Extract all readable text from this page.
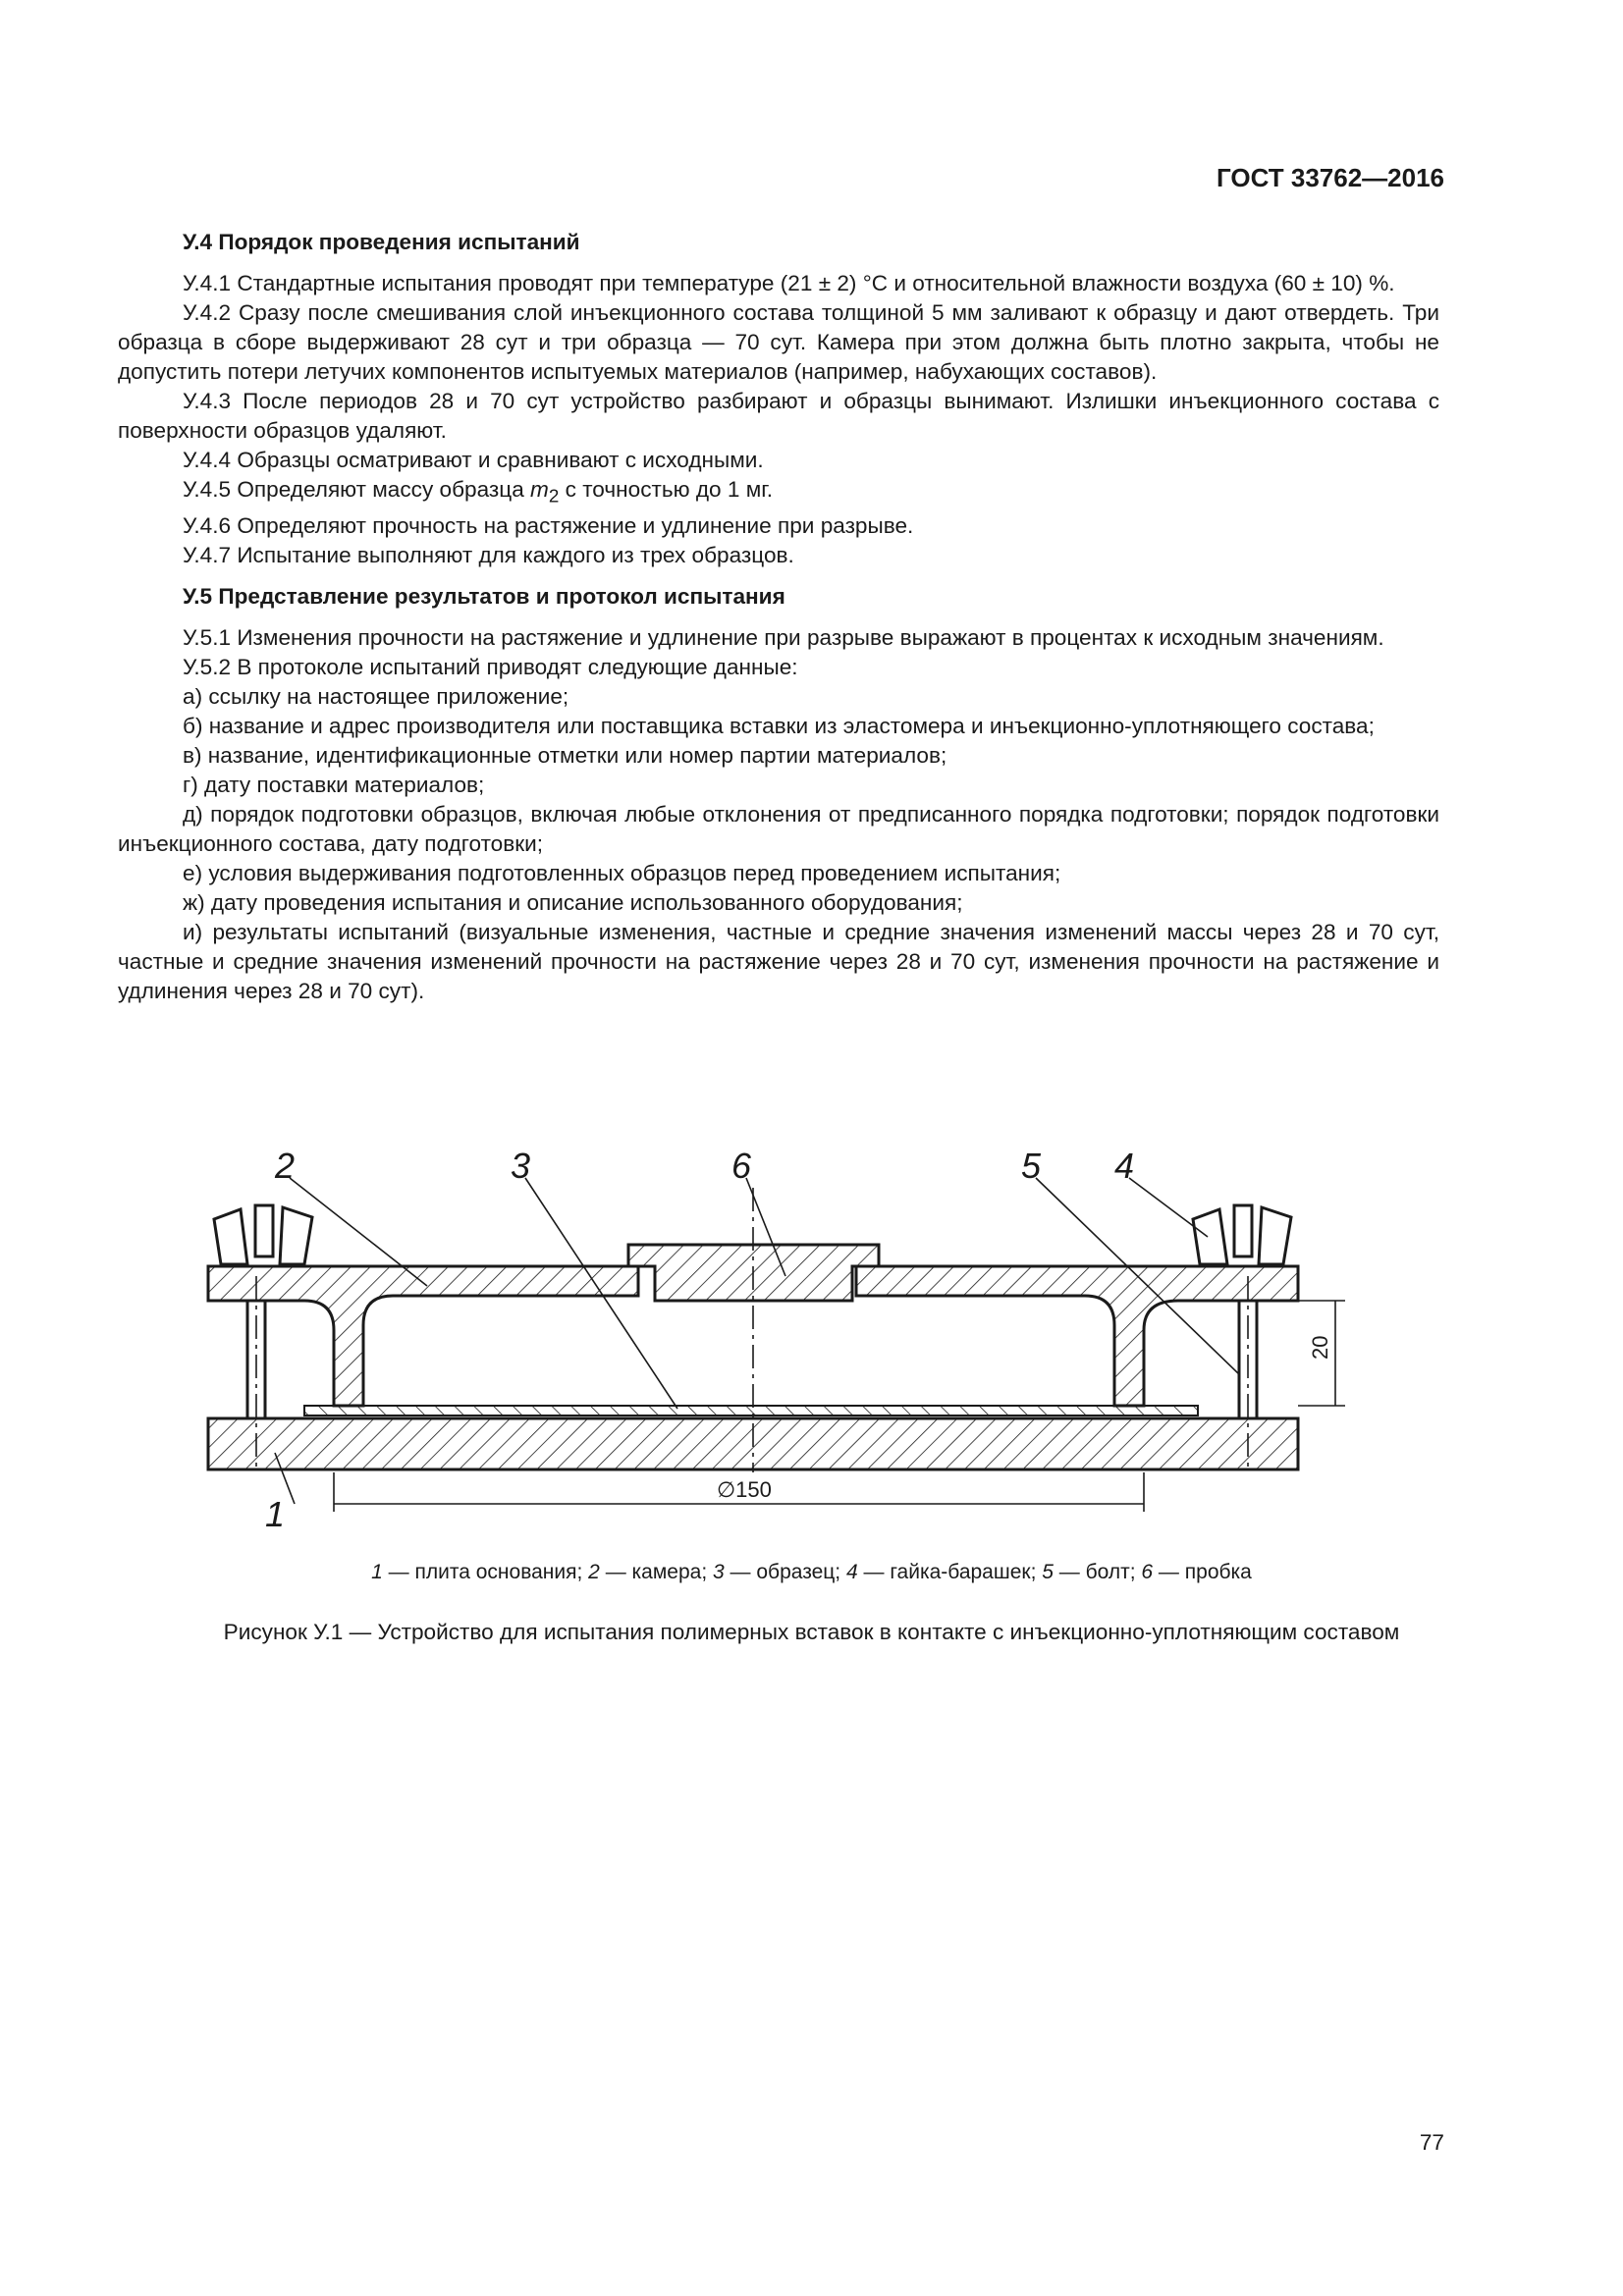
ГОСТ 33762—2016

У.4 Порядок проведения испытаний

У.4.1 Стандартные испытания проводят при температуре (21 ± 2) °С и относительной влажности воздуха (60 ± 10) %.

У.4.2 Сразу после смешивания слой инъекционного состава толщиной 5 мм заливают к образцу и дают отвердеть. Три образца в сборе выдерживают 28 сут и три образца — 70 сут. Камера при этом должна быть плотно закрыта, чтобы не допустить потери летучих компонентов испытуемых материалов (например, набухающих составов).

У.4.3 После периодов 28 и 70 сут устройство разбирают и образцы вынимают. Излишки инъекционного состава с поверхности образцов удаляют.

У.4.4 Образцы осматривают и сравнивают с исходными.

У.4.5 Определяют массу образца $m_2$ с точностью до 1 мг.

У.4.6 Определяют прочность на растяжение и удлинение при разрыве.

У.4.7 Испытание выполняют для каждого из трех образцов.

У.5 Представление результатов и протокол испытания

У.5.1 Изменения прочности на растяжение и удлинение при разрыве выражают в процентах к исходным значениям.

У.5.2 В протоколе испытаний приводят следующие данные:

а) ссылку на настоящее приложение;

б) название и адрес производителя или поставщика вставки из эластомера и инъекционно-уплотняющего состава;

в) название, идентификационные отметки или номер партии материалов;

г) дату поставки материалов;

д) порядок подготовки образцов, включая любые отклонения от предписанного порядка подготовки; порядок подготовки инъекционного состава, дату подготовки;

е) условия выдерживания подготовленных образцов перед проведением испытания;

ж) дату проведения испытания и описание использованного оборудования;

и) результаты испытаний (визуальные изменения, частные и средние значения изменений массы через 28 и 70 сут, частные и средние значения изменений прочности на растяжение через 28 и 70 сут, изменения прочности на растяжение и удлинения через 28 и 70 сут).

2	3	6	5 4
1
∅150
20
1 — плита основания; 2 — камера; 3 — образец; 4 — гайка-барашек; 5 — болт; 6 — пробка
Рисунок У.1 — Устройство для испытания полимерных вставок в контакте с инъекционно-уплотняющим составом
77
